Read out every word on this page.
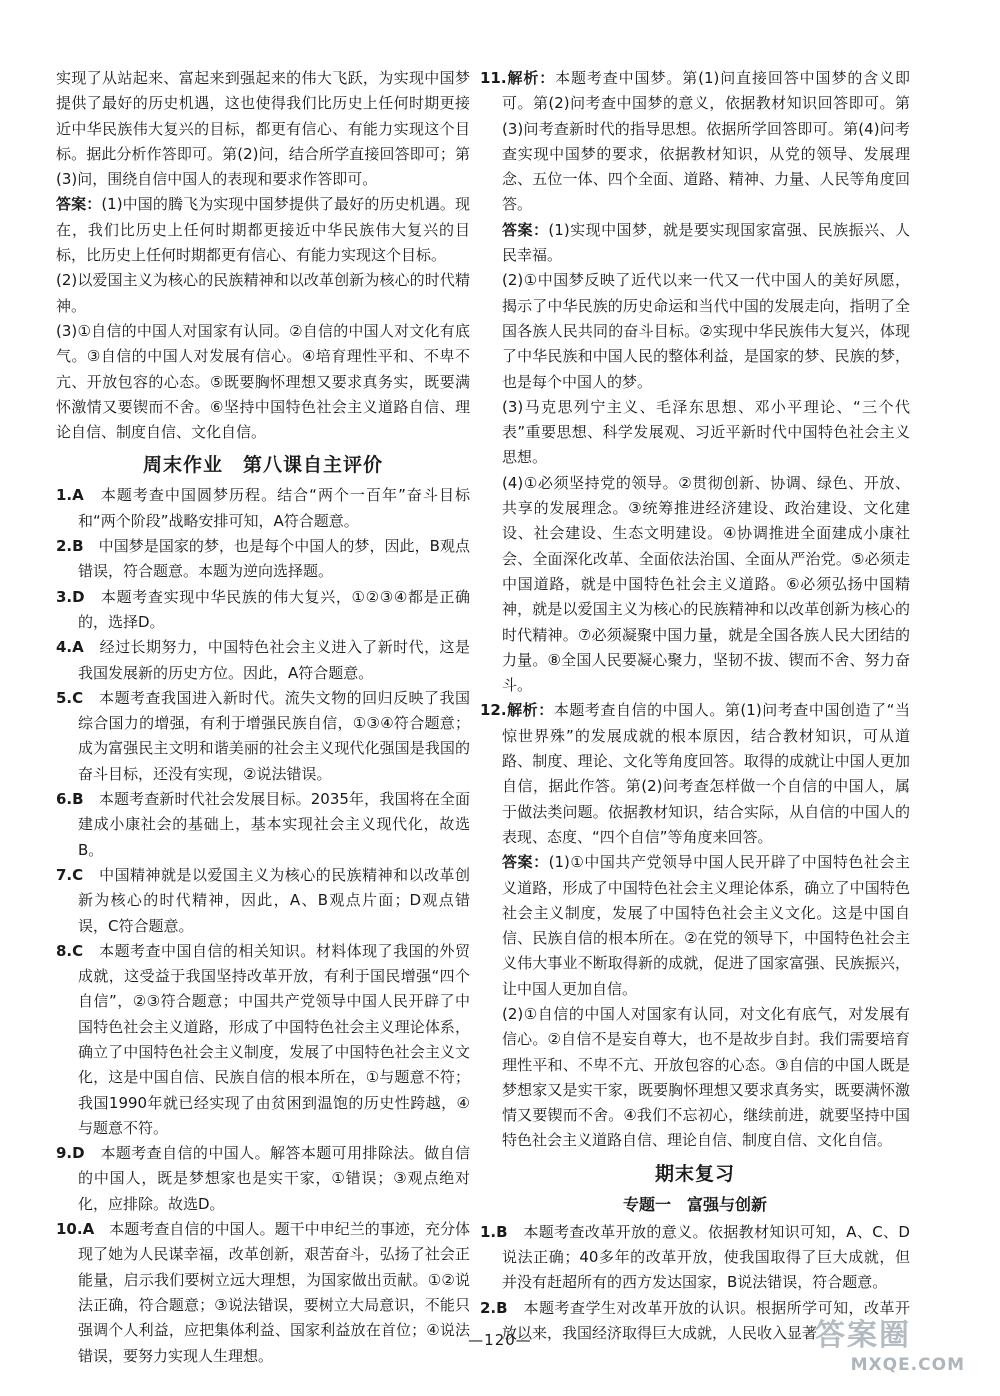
实现了从站起来、富起来到强起来的伟大飞跃，为实现中国梦提供了最好的历史机遇，这也使得我们比历史上任何时期更接近中华民族伟大复兴的目标，都更有信心、有能力实现这个目标。据此分析作答即可。第(2)问，结合所学直接回答即可；第(3)问，围绕自信中国人的表现和要求作答即可。

答案：(1)中国的腾飞为实现中国梦提供了最好的历史机遇。现在，我们比历史上任何时期都更接近中华民族伟大复兴的目标，比历史上任何时期都更有信心、有能力实现这个目标。

(2)以爱国主义为核心的民族精神和以改革创新为核心的时代精神。

(3)①自信的中国人对国家有认同。②自信的中国人对文化有底气。③自信的中国人对发展有信心。④培育理性平和、不卑不亢、开放包容的心态。⑤既要胸怀理想又要求真务实，既要满怀激情又要锲而不舍。⑥坚持中国特色社会主义道路自信、理论自信、制度自信、文化自信。

周末作业　第八课自主评价

1.A　 本题考查中国圆梦历程。结合“两个一百年”奋斗目标和“两个阶段”战略安排可知，A符合题意。

2.B　 中国梦是国家的梦，也是每个中国人的梦，因此，B观点错误，符合题意。本题为逆向选择题。

3.D　 本题考查实现中华民族的伟大复兴，①②③④都是正确的，选择D。

4.A　 经过长期努力，中国特色社会主义进入了新时代，这是我国发展新的历史方位。因此，A符合题意。

5.C　 本题考查我国进入新时代。流失文物的回归反映了我国综合国力的增强，有利于增强民族自信，①③④符合题意；成为富强民主文明和谐美丽的社会主义现代化强国是我国的奋斗目标，还没有实现，②说法错误。

6.B　 本题考查新时代社会发展目标。2035年，我国将在全面建成小康社会的基础上，基本实现社会主义现代化，故选B。

7.C　 中国精神就是以爱国主义为核心的民族精神和以改革创新为核心的时代精神，因此，A、B观点片面；D观点错误，C符合题意。

8.C　 本题考查中国自信的相关知识。材料体现了我国的外贸成就，这受益于我国坚持改革开放，有利于国民增强“四个自信”，②③符合题意；中国共产党领导中国人民开辟了中国特色社会主义道路，形成了中国特色社会主义理论体系，确立了中国特色社会主义制度，发展了中国特色社会主义文化，这是中国自信、民族自信的根本所在，①与题意不符；我国1990年就已经实现了由贫困到温饱的历史性跨越，④与题意不符。

9.D　 本题考查自信的中国人。解答本题可用排除法。做自信的中国人，既是梦想家也是实干家，①错误；③观点绝对化，应排除。故选D。

10.A　 本题考查自信的中国人。题干中申纪兰的事迹，充分体现了她为人民谋幸福，改革创新，艰苦奋斗，弘扬了社会正能量，启示我们要树立远大理想，为国家做出贡献。①②说法正确，符合题意；③说法错误，要树立大局意识，不能只强调个人利益，应把集体利益、国家利益放在首位；④说法错误，要努力实现人生理想。

11.解析：本题考查中国梦。第(1)问直接回答中国梦的含义即可。第(2)问考查中国梦的意义，依据教材知识回答即可。第(3)问考查新时代的指导思想。依据所学回答即可。第(4)问考查实现中国梦的要求，依据教材知识，从党的领导、发展理念、五位一体、四个全面、道路、精神、力量、人民等角度回答。

答案：(1)实现中国梦，就是要实现国家富强、民族振兴、人民幸福。

(2)①中国梦反映了近代以来一代又一代中国人的美好夙愿，揭示了中华民族的历史命运和当代中国的发展走向，指明了全国各族人民共同的奋斗目标。②实现中华民族伟大复兴，体现了中华民族和中国人民的整体利益，是国家的梦、民族的梦，也是每个中国人的梦。

(3)马克思列宁主义、毛泽东思想、邓小平理论、“三个代表”重要思想、科学发展观、习近平新时代中国特色社会主义思想。

(4)①必须坚持党的领导。②贯彻创新、协调、绿色、开放、共享的发展理念。③统筹推进经济建设、政治建设、文化建设、社会建设、生态文明建设。④协调推进全面建成小康社会、全面深化改革、全面依法治国、全面从严治党。⑤必须走中国道路，就是中国特色社会主义道路。⑥必须弘扬中国精神，就是以爱国主义为核心的民族精神和以改革创新为核心的时代精神。⑦必须凝聚中国力量，就是全国各族人民大团结的力量。⑧全国人民要凝心聚力，坚韧不拔、锲而不舍、努力奋斗。

12.解析：本题考查自信的中国人。第(1)问考查中国创造了“当惊世界殊”的发展成就的根本原因，结合教材知识，可从道路、制度、理论、文化等角度回答。取得的成就让中国人更加自信，据此作答。第(2)问考查怎样做一个自信的中国人，属于做法类问题。依据教材知识，结合实际，从自信的中国人的表现、态度、“四个自信”等角度来回答。

答案：(1)①中国共产党领导中国人民开辟了中国特色社会主义道路，形成了中国特色社会主义理论体系，确立了中国特色社会主义制度，发展了中国特色社会主义文化。这是中国自信、民族自信的根本所在。②在党的领导下，中国特色社会主义伟大事业不断取得新的成就，促进了国家富强、民族振兴，让中国人更加自信。

(2)①自信的中国人对国家有认同，对文化有底气，对发展有信心。②自信不是妄自尊大，也不是故步自封。我们需要培育理性平和、不卑不亢、开放包容的心态。③自信的中国人既是梦想家又是实干家，既要胸怀理想又要求真务实，既要满怀激情又要锲而不舍。④我们不忘初心，继续前进，就要坚持中国特色社会主义道路自信、理论自信、制度自信、文化自信。

期末复习
专题一　富强与创新

1.B　 本题考查改革开放的意义。依据教材知识可知，A、C、D说法正确；40多年的改革开放，使我国取得了巨大成就，但并没有赶超所有的西方发达国家，B说法错误，符合题意。

2.B　 本题考查学生对改革开放的认识。根据所学可知，改革开放以来，我国经济取得巨大成就，人民收入显著

—120—	答案圈
MXQE.COM
